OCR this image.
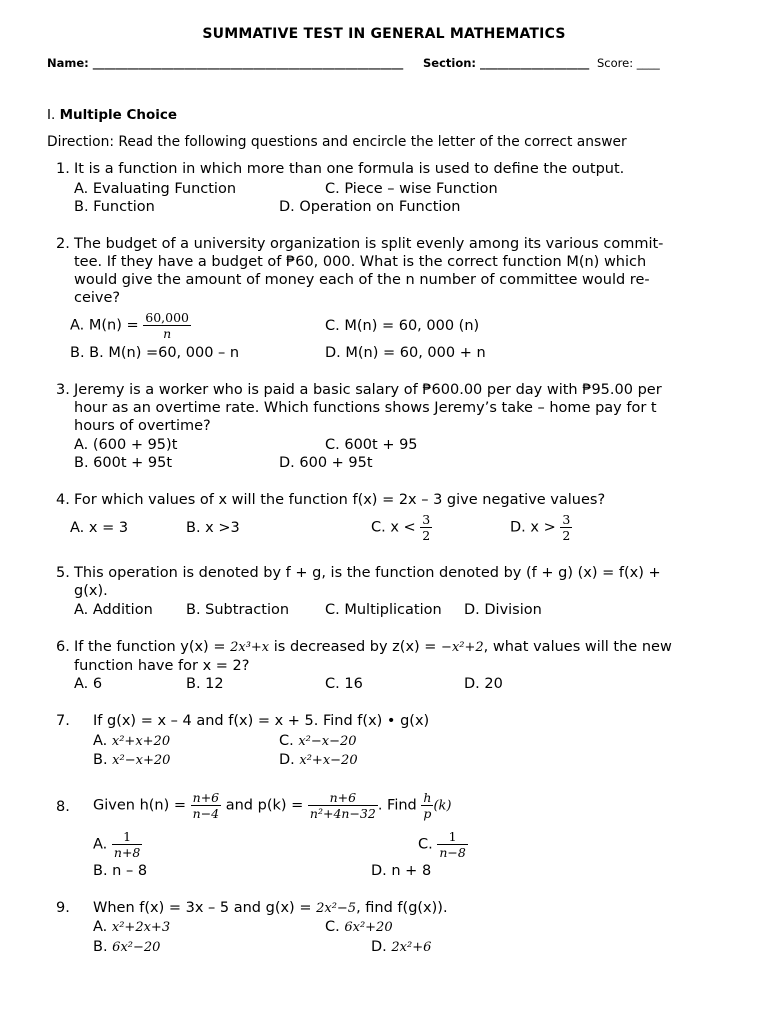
SUMMATIVE TEST IN GENERAL MATHEMATICS
Name: ______________________________________________________ Section: ___________________ Score: ____
I. Multiple Choice
Direction: Read the following questions and encircle the letter of the correct answer
1. It is a function in which more than one formula is used to define the output.
A. Evaluating Function	C. Piece – wise Function
B. Function	D. Operation on Function
2. The budget of a university organization is split evenly among its various commit-
tee. If they have a budget of ₱60, 000. What is the correct function M(n) which
would give the amount of money each of the n number of committee would re-
ceive?
A. $M(n) = \frac{60,000}{n}$	C. M(n) = 60, 000 (n)
B. B. M(n) =60, 000 – n	D. M(n) = 60, 000 + n
3. Jeremy is a worker who is paid a basic salary of ₱600.00 per day with ₱95.00 per
hour as an overtime rate. Which functions shows Jeremy’s take – home pay for t
hours of overtime?
A. (600 + 95)t	C. 600t + 95
B. 600t + 95t	D. 600 + 95t
4. For which values of x will the function f(x) = 2x – 3 give negative values?
A. x = 3	B. x >3	C. $x < \frac{3}{2}$	D. $x > \frac{3}{2}$
5. This operation is denoted by f + g, is the function denoted by (f + g) (x) = f(x) +
g(x).
A. Addition B. Subtraction C. Multiplication D. Division
6. If the function y(x) = 2x³+x is decreased by z(x) = −x²+2, what values will the new
function have for x = 2?
A. 6	B. 12	C. 16	D. 20
7. If g(x) = x – 4 and f(x) = x + 5. Find f(x) • g(x)
A. x²+x+20	C. x²−x−20
B. x²−x+20	D. x²+x−20
8. Given $h(n) = \frac{n+6}{n-4}$ and $p(k) = \frac{n+6}{\text{n²+4n−32}}$ . Find $\frac{h}{p} (k)$
A. $\frac{1}{n+8}$	C. $\frac{1}{n-8}$
B. n – 8	D. n + 8
9. When f(x) = 3x – 5 and g(x) = 2x²−5, find f(g(x)).
A. x²+2x+3	C. 6x²+20
B. 6x²−20	D. 2x²+6
